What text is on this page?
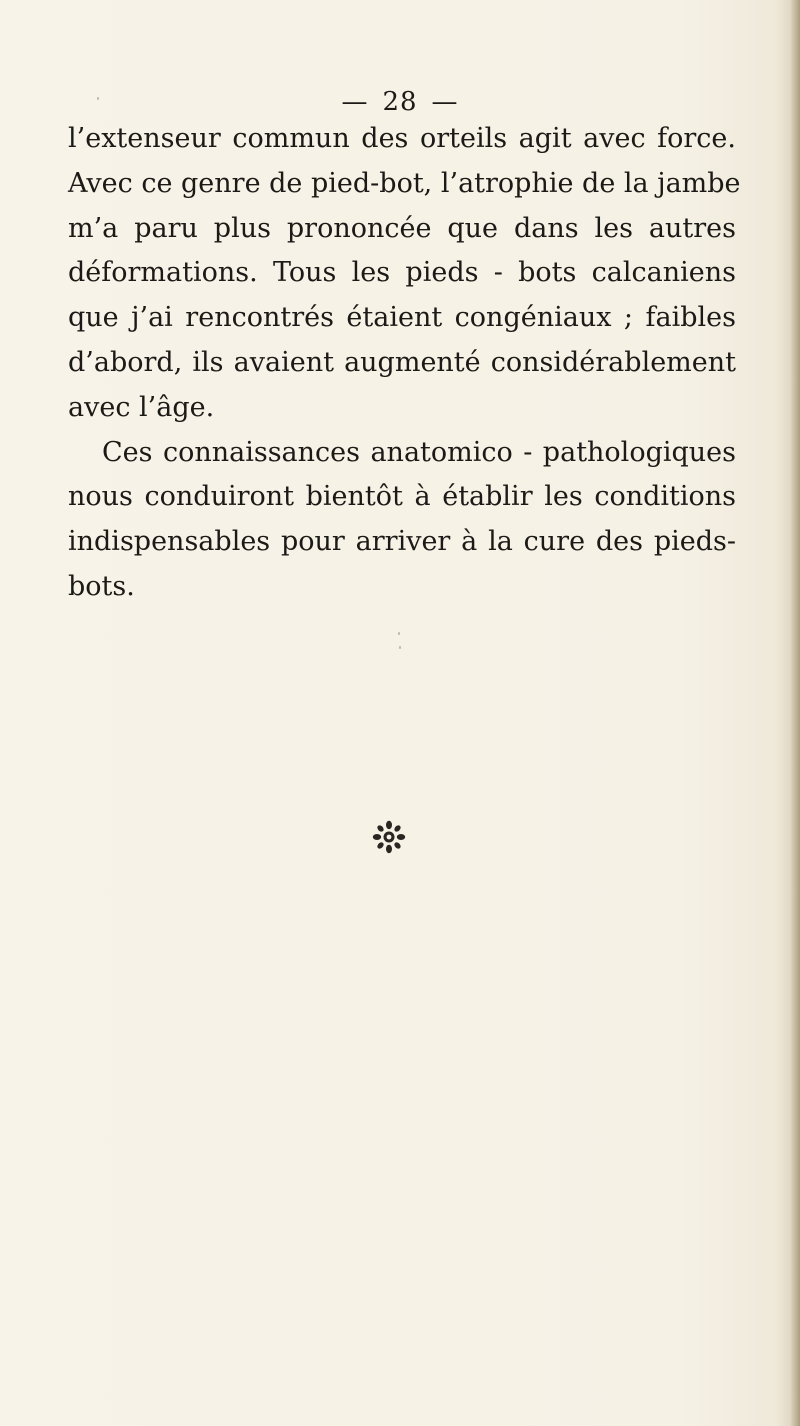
— 28 —
l’extenseur commun des orteils agit avec force.
Avec ce genre de pied-bot, l’atrophie de la jambe
m’a paru plus prononcée que dans les autres
déformations. Tous les pieds - bots calcaniens
que j’ai rencontrés étaient congéniaux ; faibles
d’abord, ils avaient augmenté considérablement
avec l’âge.
Ces connaissances anatomico - pathologiques
nous conduiront bientôt à établir les conditions
indispensables pour arriver à la cure des pieds-
bots.
